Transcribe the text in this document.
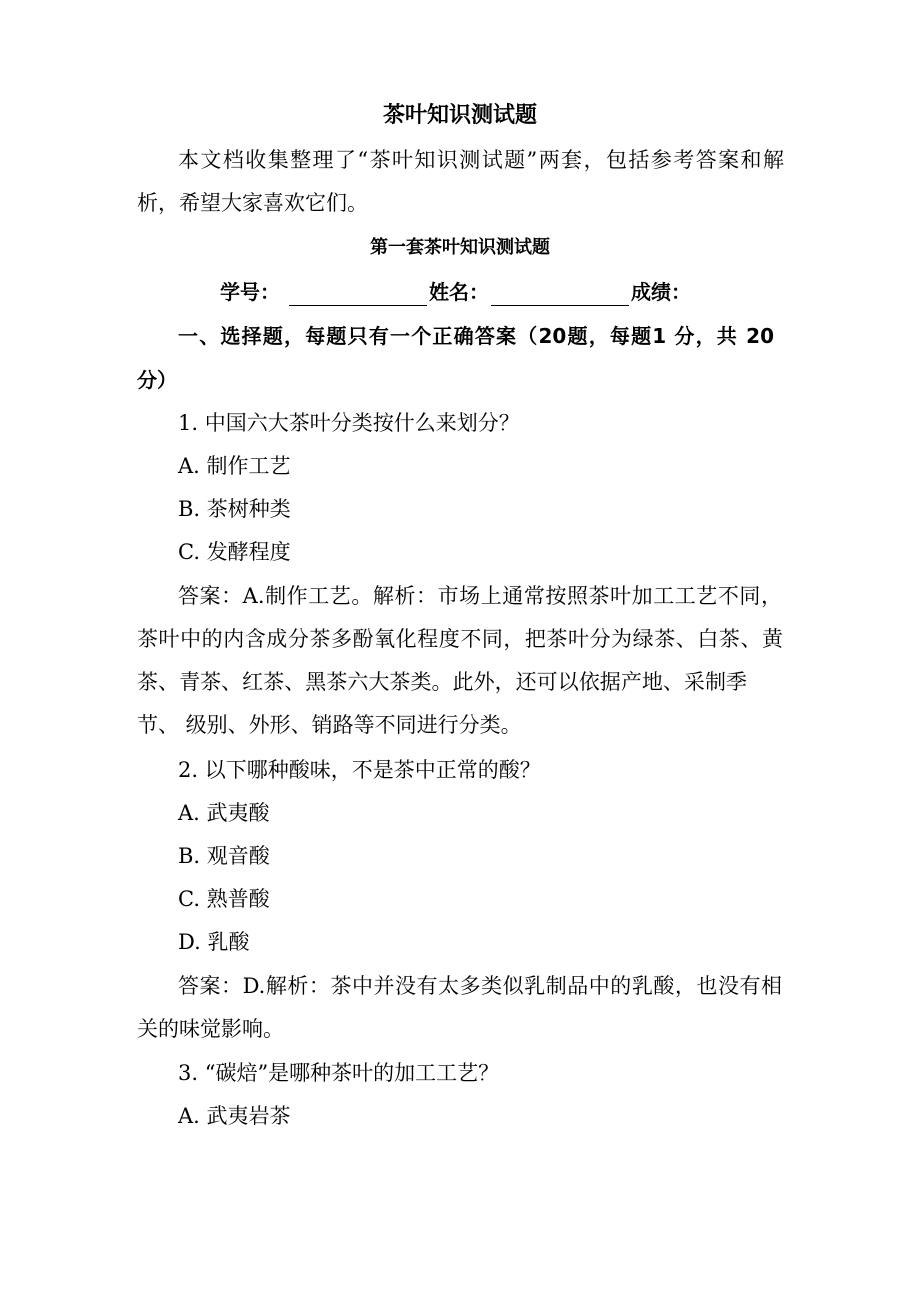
茶叶知识测试题
本文档收集整理了“茶叶知识测试题”两套，包括参考答案和解
析，希望大家喜欢它们。
第一套茶叶知识测试题
学号：	姓名：	成绩：
一、选择题，每题只有一个正确答案（20题，每题1 分，共 20
分）
1. 中国六大茶叶分类按什么来划分？
A. 制作工艺
B. 茶树种类
C. 发酵程度
答案：A.制作工艺。解析：市场上通常按照茶叶加工工艺不同，
茶叶中的内含成分茶多酚氧化程度不同，把茶叶分为绿茶、白茶、黄
茶、青茶、红茶、黑茶六大茶类。此外，还可以依据产地、采制季
节、 级别、外形、销路等不同进行分类。
2. 以下哪种酸味，不是茶中正常的酸？
A. 武夷酸
B. 观音酸
C. 熟普酸
D. 乳酸
答案：D.解析：茶中并没有太多类似乳制品中的乳酸，也没有相
关的味觉影响。
3. “碳焙”是哪种茶叶的加工工艺？
A. 武夷岩茶
